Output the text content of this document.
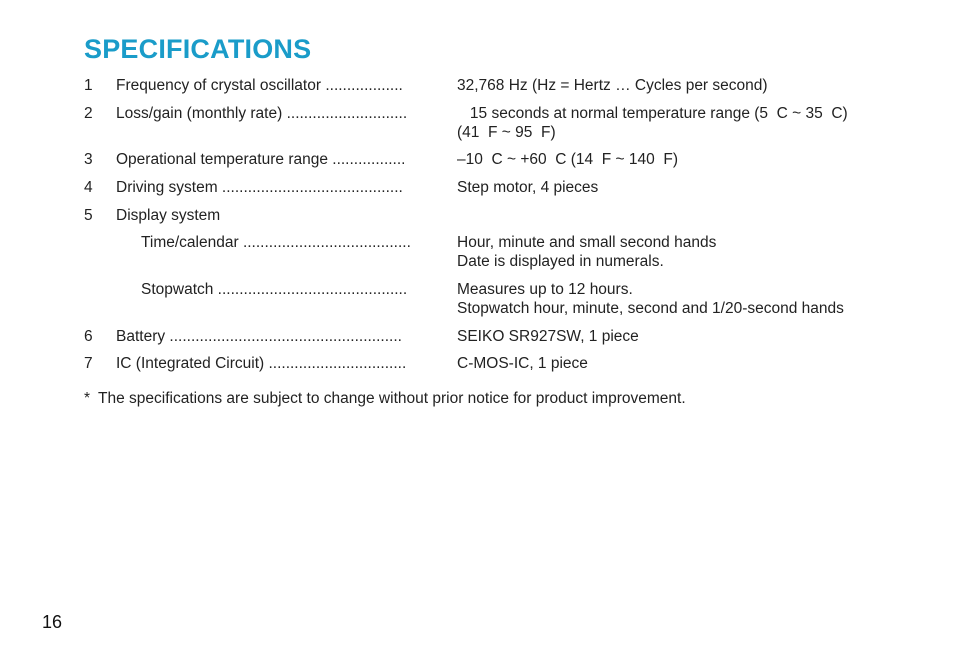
SPECIFICATIONS
1	Frequency of crystal oscillator ..................	32,768 Hz (Hz = Hertz … Cycles per second)
2	Loss/gain (monthly rate) ............................	15 seconds at normal temperature range (5  C ~ 35  C)
(41  F ~ 95  F)
3	Operational temperature range .................	–10  C ~ +60  C (14  F ~ 140  F)
4	Driving system ..........................................	Step motor, 4 pieces
5	Display system
Time/calendar .......................................	Hour, minute and small second hands
Date is displayed in numerals.
Stopwatch ............................................	Measures up to 12 hours.
Stopwatch hour, minute, second and 1/20-second hands
6	Battery ......................................................	SEIKO SR927SW, 1 piece
7	IC (Integrated Circuit) ................................	C-MOS-IC, 1 piece
* The specifications are subject to change without prior notice for product improvement.
16
